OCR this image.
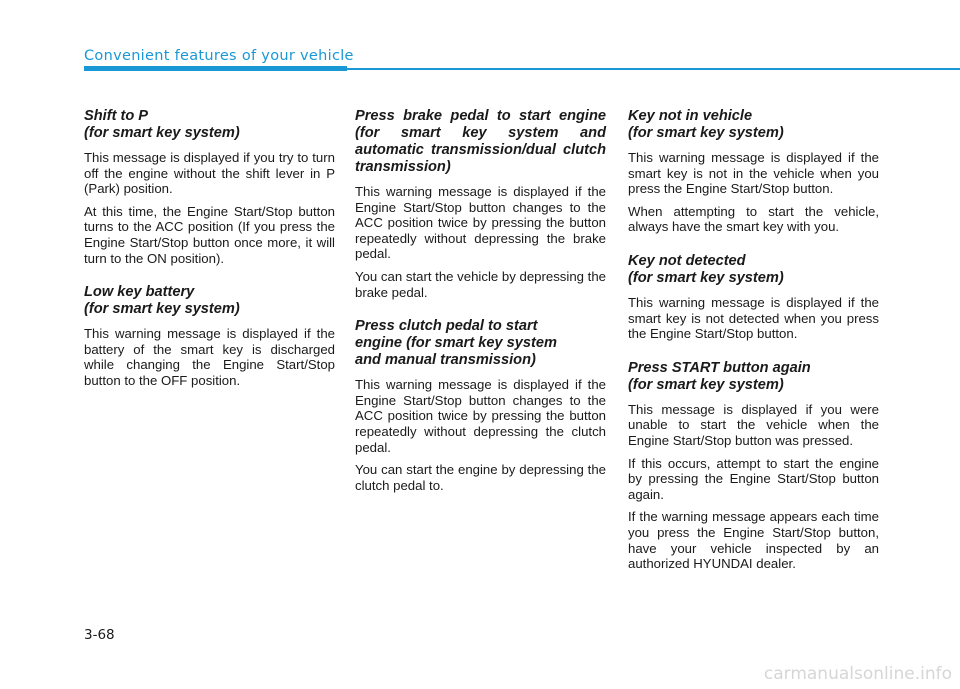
Convenient features of your vehicle
Shift to P
(for smart key system)

This message is displayed if you try to turn off the engine without the shift lever in P (Park) position.

At this time, the Engine Start/Stop button turns to the ACC position (If you press the Engine Start/Stop button once more, it will turn to the ON position).

Low key battery
(for smart key system)

This warning message is displayed if the battery of the smart key is discharged while changing the Engine Start/Stop button to the OFF position.

Press brake pedal to start engine (for smart key system and automatic transmission/dual clutch transmission)

This warning message is displayed if the Engine Start/Stop button changes to the ACC position twice by pressing the button repeatedly without depressing the brake pedal.

You can start the vehicle by depressing the brake pedal.

Press clutch pedal to start
engine (for smart key system
and manual transmission)

This warning message is displayed if the Engine Start/Stop button changes to the ACC position twice by pressing the button repeatedly without depressing the clutch pedal.

You can start the engine by depressing the clutch pedal to.

Key not in vehicle
(for smart key system)

This warning message is displayed if the smart key is not in the vehicle when you press the Engine Start/Stop button.

When attempting to start the vehicle, always have the smart key with you.

Key not detected
(for smart key system)

This warning message is displayed if the smart key is not detected when you press the Engine Start/Stop button.

Press START button again
(for smart key system)

This message is displayed if you were unable to start the vehicle when the Engine Start/Stop button was pressed.

If this occurs, attempt to start the engine by pressing the Engine Start/Stop button again.

If the warning message appears each time you press the Engine Start/Stop button, have your vehicle inspected by an authorized HYUNDAI dealer.

3-68
carmanualsonline.info
